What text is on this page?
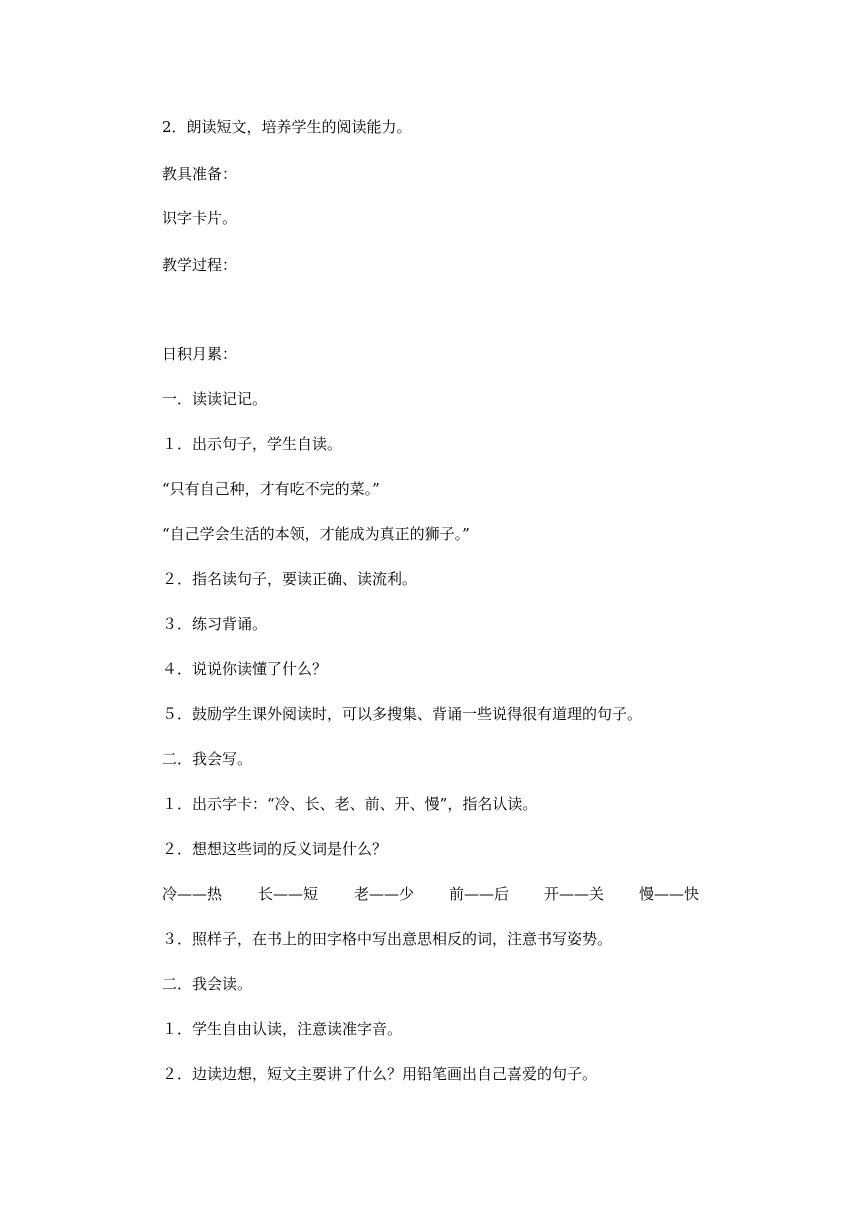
2．朗读短文，培养学生的阅读能力。
教具准备：
识字卡片。
教学过程：
日积月累：
一．读读记记。
１．出示句子，学生自读。
“只有自己种，才有吃不完的菜。”
“自己学会生活的本领，才能成为真正的狮子。”
２．指名读句子，要读正确、读流利。
３．练习背诵。
４．说说你读懂了什么？
５．鼓励学生课外阅读时，可以多搜集、背诵一些说得很有道理的句子。
二．我会写。
１．出示字卡：“冷、长、老、前、开、慢”，指名认读。
２．想想这些词的反义词是什么？
冷——热 长——短 老——少 前——后 开——关 慢——快
３．照样子，在书上的田字格中写出意思相反的词，注意书写姿势。
二．我会读。
１．学生自由认读，注意读准字音。
２．边读边想，短文主要讲了什么？用铅笔画出自己喜爱的句子。
